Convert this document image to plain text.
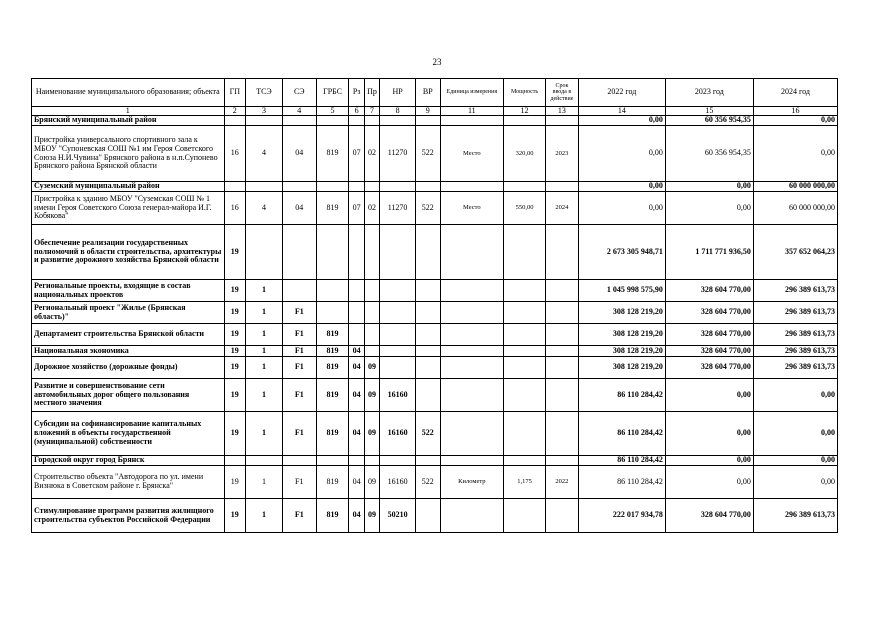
23
Наименование муниципального образования; объекта	ГП	ТСЭ	СЭ	ГРБС	Рз	Пр	НР	ВР	Единица измерения	Мощность	Срок ввода в действие	2022 год	2023 год	2024 год
1	2	3	4	5	6	7	8	9	11	12	13	14	15	16
Брянский муниципальный район												0,00	60 356 954,35	0,00
Пристройка универсального спортивного зала к МБОУ "Супоневская СОШ №1 им Героя Советского Союза Н.И.Чувина" Брянского района в н.п.Супонево Брянского района Брянской области	16	4	04	819	07	02	11270	522	Место	320,00	2023	0,00	60 356 954,35	0,00
Суземский муниципальный район												0,00	0,00	60 000 000,00
Пристройка к зданию МБОУ "Суземская СОШ № 1 имени Героя Советского Союза генерал-майора И.Г. Кобякова"	16	4	04	819	07	02	11270	522	Место	550,00	2024	0,00	0,00	60 000 000,00
Обеспечение реализации государственных полномочий в области строительства, архитектуры и развитие дорожного хозяйства Брянской области	19											2 673 305 948,71	1 711 771 936,50	357 652 064,23
Региональные проекты, входящие в состав национальных проектов	19	1										1 045 998 575,90	328 604 770,00	296 389 613,73
Региональный проект "Жилье (Брянская область)"	19	1	F1									308 128 219,20	328 604 770,00	296 389 613,73
Департамент строительства Брянской области	19	1	F1	819								308 128 219,20	328 604 770,00	296 389 613,73
Национальная экономика	19	1	F1	819	04							308 128 219,20	328 604 770,00	296 389 613,73
Дорожное хозяйство (дорожные фонды)	19	1	F1	819	04	09						308 128 219,20	328 604 770,00	296 389 613,73
Развитие и совершенствование сети автомобильных дорог общего пользования местного значения	19	1	F1	819	04	09	16160					86 110 284,42	0,00	0,00
Субсидии на софинансирование капитальных вложений в объекты государственной (муниципальной) собственности	19	1	F1	819	04	09	16160	522				86 110 284,42	0,00	0,00
Городской округ город Брянск												86 110 284,42	0,00	0,00
Строительство объекта "Автодорога по ул. имени Визнюка в Советском районе г. Брянска"	19	1	F1	819	04	09	16160	522	Километр	1,175	2022	86 110 284,42	0,00	0,00
Стимулирование программ развития жилищного строительства субъектов Российской Федерации	19	1	F1	819	04	09	50210					222 017 934,78	328 604 770,00	296 389 613,73
